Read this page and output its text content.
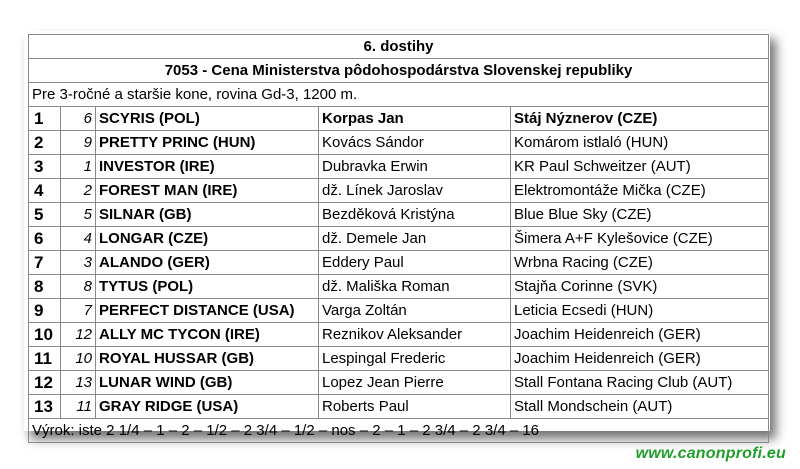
6. dostihy				
7053 - Cena Ministerstva pôdohospodárstva Slovenskej republiky				
Pre 3-ročné a staršie kone, rovina Gd-3, 1200 m.				
1	6	SCYRIS (POL)	Korpas Jan	Stáj Nýznerov (CZE)
2	9	PRETTY PRINC (HUN)	Kovács Sándor	Komárom istlaló (HUN)
3	1	INVESTOR (IRE)	Dubravka Erwin	KR Paul Schweitzer (AUT)
4	2	FOREST MAN (IRE)	dž. Línek Jaroslav	Elektromontáže Mička (CZE)
5	5	SILNAR (GB)	Bezděková Kristýna	Blue Blue Sky (CZE)
6	4	LONGAR (CZE)	dž. Demele Jan	Šimera A+F Kylešovice (CZE)
7	3	ALANDO (GER)	Eddery Paul	Wrbna Racing (CZE)
8	8	TYTUS (POL)	dž. Mališka Roman	Stajňa Corinne (SVK)
9	7	PERFECT DISTANCE (USA)	Varga Zoltán	Leticia Ecsedi (HUN)
10	12	ALLY MC TYCON (IRE)	Reznikov Aleksander	Joachim Heidenreich (GER)
11	10	ROYAL HUSSAR (GB)	Lespingal Frederic	Joachim Heidenreich (GER)
12	13	LUNAR WIND (GB)	Lopez Jean Pierre	Stall Fontana Racing Club (AUT)
13	11	GRAY RIDGE (USA)	Roberts Paul	Stall Mondschein (AUT)
Výrok: iste 2 1/4 – 1 – 2 – 1/2 – 2 3/4 – 1/2 – nos – 2 – 1 – 2 3/4 – 2 3/4 – 16				
www.canonprofi.eu
